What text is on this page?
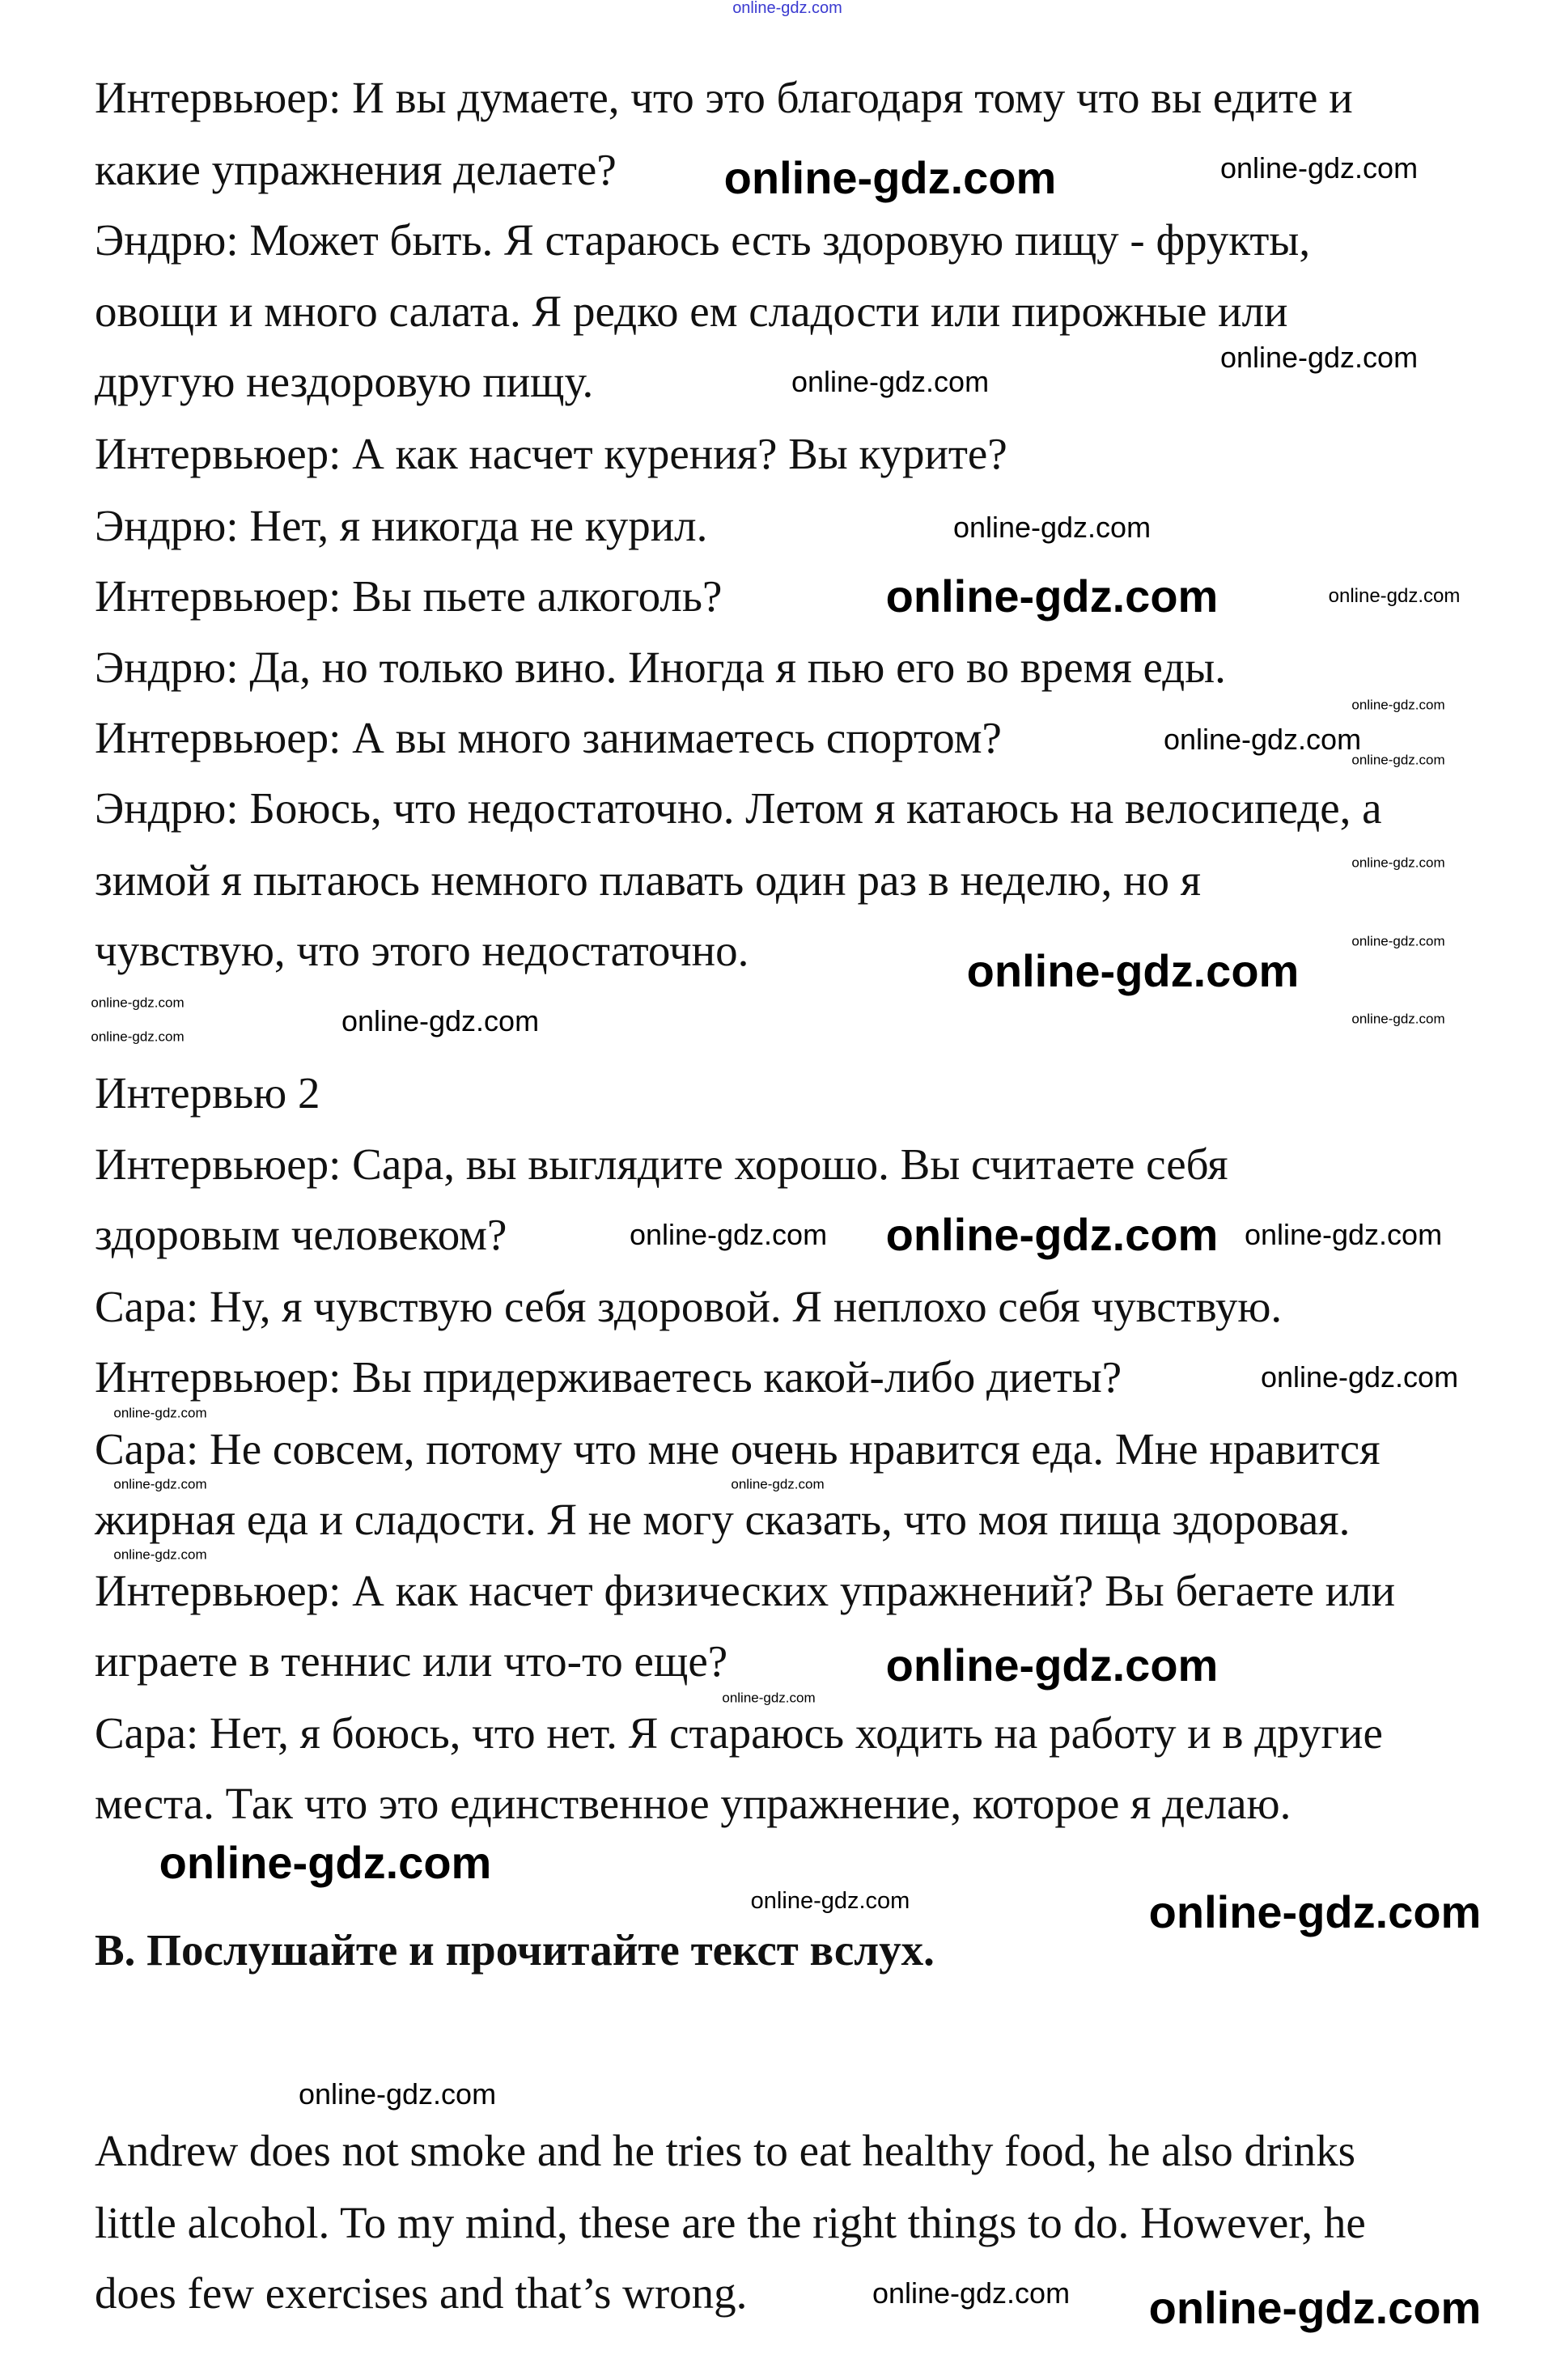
Интервьюер: И вы думаете, что это благодаря тому что вы едите и
какие упражнения делаете?
Эндрю: Может быть. Я стараюсь есть здоровую пищу - фрукты,
овощи и много салата. Я редко ем сладости или пирожные или
другую нездоровую пищу.
Интервьюер: А как насчет курения? Вы курите?
Эндрю: Нет, я никогда не курил.
Интервьюер: Вы пьете алкоголь?
Эндрю: Да, но только вино. Иногда я пью его во время еды.
Интервьюер: А вы много занимаетесь спортом?
Эндрю: Боюсь, что недостаточно. Летом я катаюсь на велосипеде, а
зимой я пытаюсь немного плавать один раз в неделю, но я
чувствую, что этого недостаточно.
Интервью 2
Интервьюер: Сара, вы выглядите хорошо. Вы считаете себя
здоровым человеком?
Сара: Ну, я чувствую себя здоровой. Я неплохо себя чувствую.
Интервьюер: Вы придерживаетесь какой-либо диеты?
Сара: Не совсем, потому что мне очень нравится еда. Мне нравится
жирная еда и сладости. Я не могу сказать, что моя пища здоровая.
Интервьюер: А как насчет физических упражнений? Вы бегаете или
играете в теннис или что-то еще?
Сара: Нет, я боюсь, что нет. Я стараюсь ходить на работу и в другие
места. Так что это единственное упражнение, которое я делаю.
B. Послушайте и прочитайте текст вслух.
Andrew does not smoke and he tries to eat healthy food, he also drinks
little alcohol. To my mind, these are the right things to do. However, he
does few exercises and that’s wrong.
online-gdz.com
online-gdz.com
online-gdz.com
online-gdz.com
online-gdz.com
online-gdz.com
online-gdz.com
online-gdz.com
online-gdz.com
online-gdz.com
online-gdz.com
online-gdz.com
online-gdz.com
online-gdz.com
online-gdz.com
online-gdz.com
online-gdz.com
online-gdz.com
online-gdz.com online-gdz.com online-gdz.com
online-gdz.com
online-gdz.com
online-gdz.com
online-gdz.com
online-gdz.com
online-gdz.com
online-gdz.com
online-gdz.com
online-gdz.com	online-gdz.com
online-gdz.com
online-gdz.com online-gdz.com
